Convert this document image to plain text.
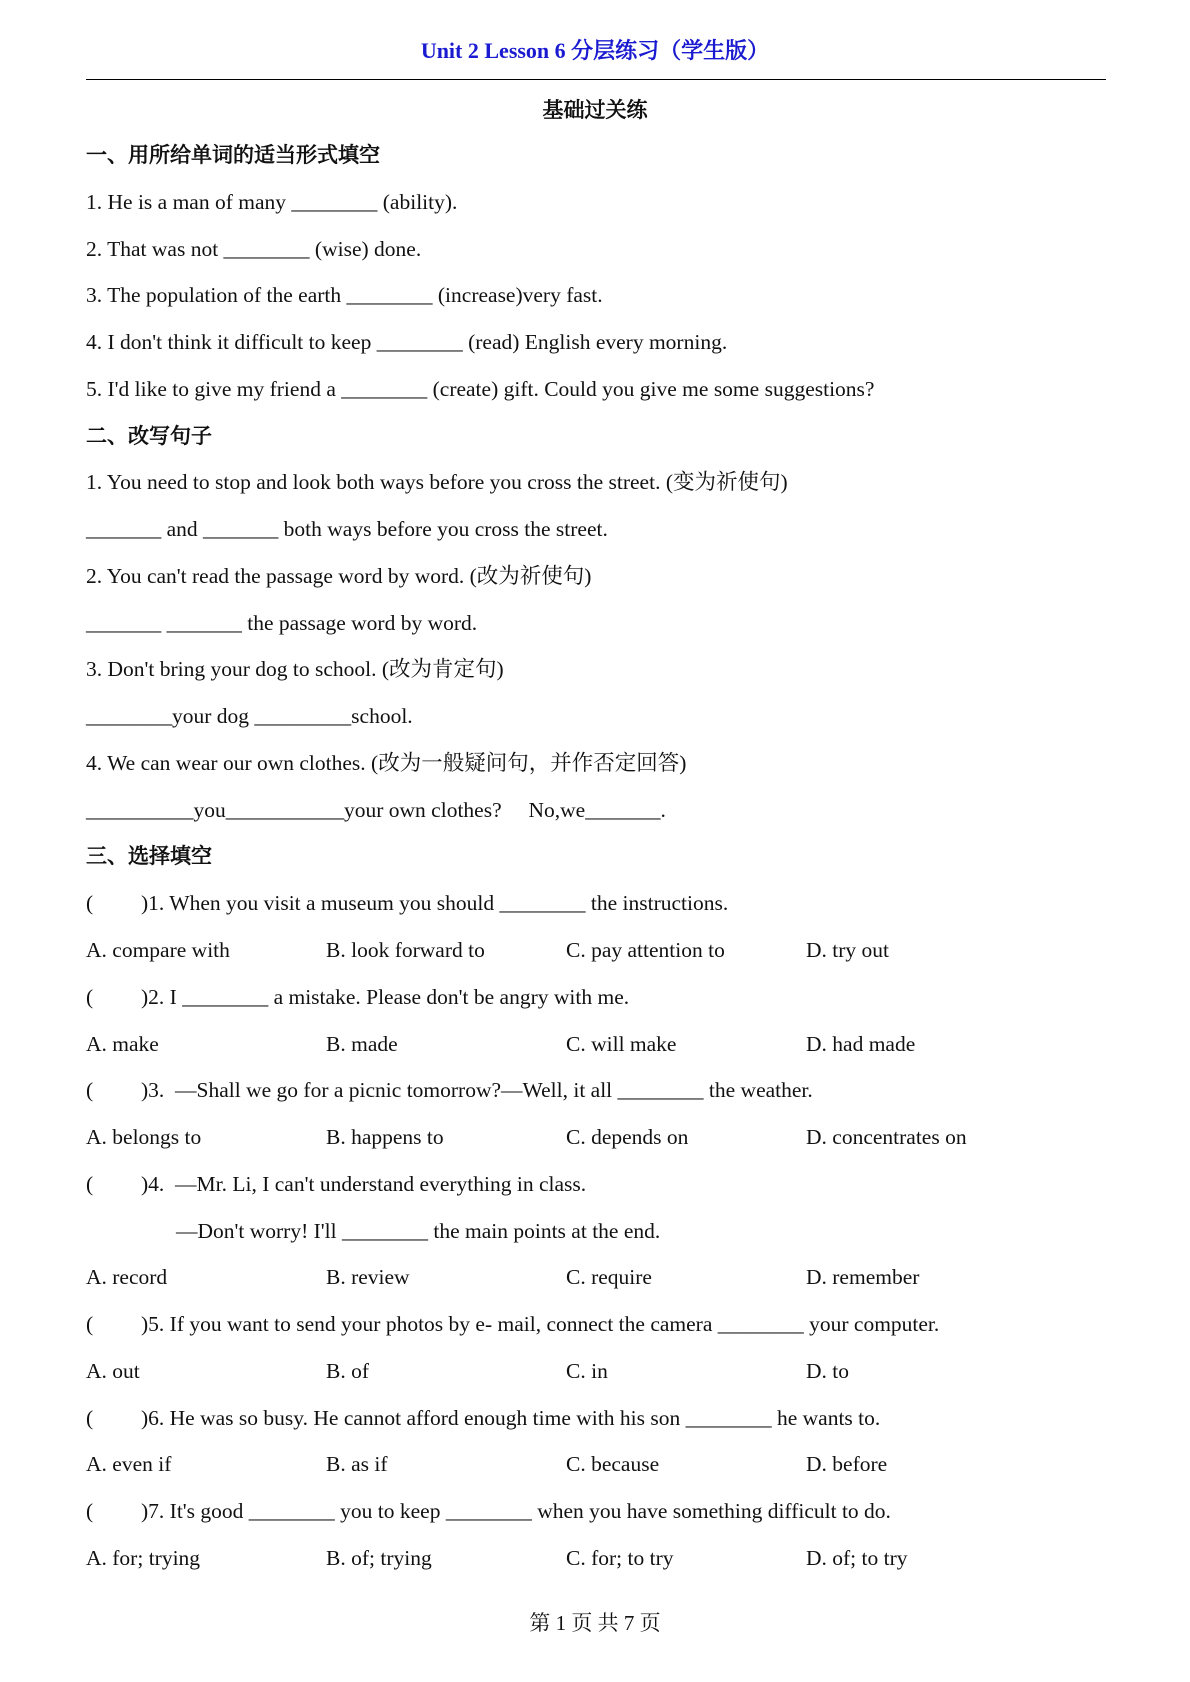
Unit 2 Lesson 6 分层练习（学生版）
基础过关练
一、用所给单词的适当形式填空
1. He is a man of many ________ (ability).
2. That was not ________ (wise) done.
3. The population of the earth ________ (increase)very fast.
4. I don't think it difficult to keep ________ (read) English every morning.
5. I'd like to give my friend a ________ (create) gift. Could you give me some suggestions?
二、改写句子
1. You need to stop and look both ways before you cross the street. (变为祈使句)
_______ and _______ both ways before you cross the street.
2. You can't read the passage word by word. (改为祈使句)
_______ _______ the passage word by word.
3. Don't bring your dog to school. (改为肯定句)
________your dog _________school.
4. We can wear our own clothes. (改为一般疑问句，并作否定回答)
__________you___________your own clothes?     No,we_______.
三、选择填空
( )1. When you visit a museum you should ________ the instructions.
A. compare with	B. look forward to	C. pay attention to	D. try out
( )2. I ________ a mistake. Please don't be angry with me.
A. make	B. made	C. will make	D. had made
( )3.  —Shall we go for a picnic tomorrow?—Well, it all ________ the weather.
A. belongs to	B. happens to	C. depends on	D. concentrates on
( )4.  —Mr. Li, I can't understand everything in class.
—Don't worry! I'll ________ the main points at the end.
A. record	B. review	C. require	D. remember
( )5. If you want to send your photos by e- mail, connect the camera ________ your computer.
A. out	B. of	C. in	D. to
( )6. He was so busy. He cannot afford enough time with his son ________ he wants to.
A. even if	B. as if	C. because	D. before
( )7. It's good ________ you to keep ________ when you have something difficult to do.
A. for; trying	B. of; trying	C. for; to try	D. of; to try
第 1 页 共 7 页
